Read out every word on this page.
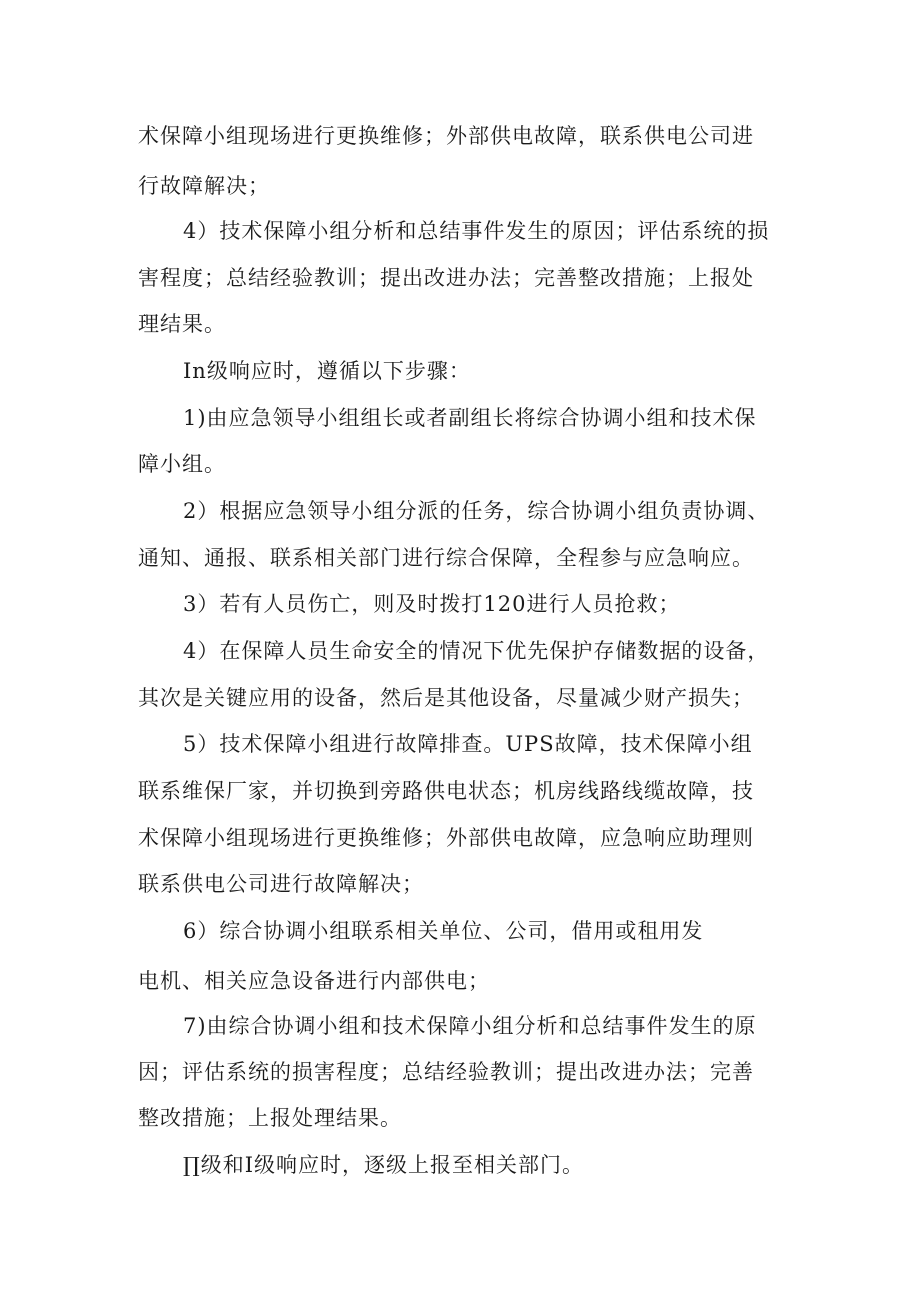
术保障小组现场进行更换维修；外部供电故障，联系供电公司进
行故障解决；
4）技术保障小组分析和总结事件发生的原因；评估系统的损
害程度；总结经验教训；提出改进办法；完善整改措施；上报处
理结果。
In级响应时，遵循以下步骤：
1)由应急领导小组组长或者副组长将综合协调小组和技术保
障小组。
2）根据应急领导小组分派的任务，综合协调小组负责协调、
通知、通报、联系相关部门进行综合保障，全程参与应急响应。
3）若有人员伤亡，则及时拨打120进行人员抢救；
4）在保障人员生命安全的情况下优先保护存储数据的设备，
其次是关键应用的设备，然后是其他设备，尽量减少财产损失；
5）技术保障小组进行故障排查。UPS故障，技术保障小组
联系维保厂家，并切换到旁路供电状态；机房线路线缆故障，技
术保障小组现场进行更换维修；外部供电故障，应急响应助理则
联系供电公司进行故障解决；
6）综合协调小组联系相关单位、公司，借用或租用发
电机、相关应急设备进行内部供电；
7)由综合协调小组和技术保障小组分析和总结事件发生的原
因；评估系统的损害程度；总结经验教训；提出改进办法；完善
整改措施；上报处理结果。
∏级和I级响应时，逐级上报至相关部门。
